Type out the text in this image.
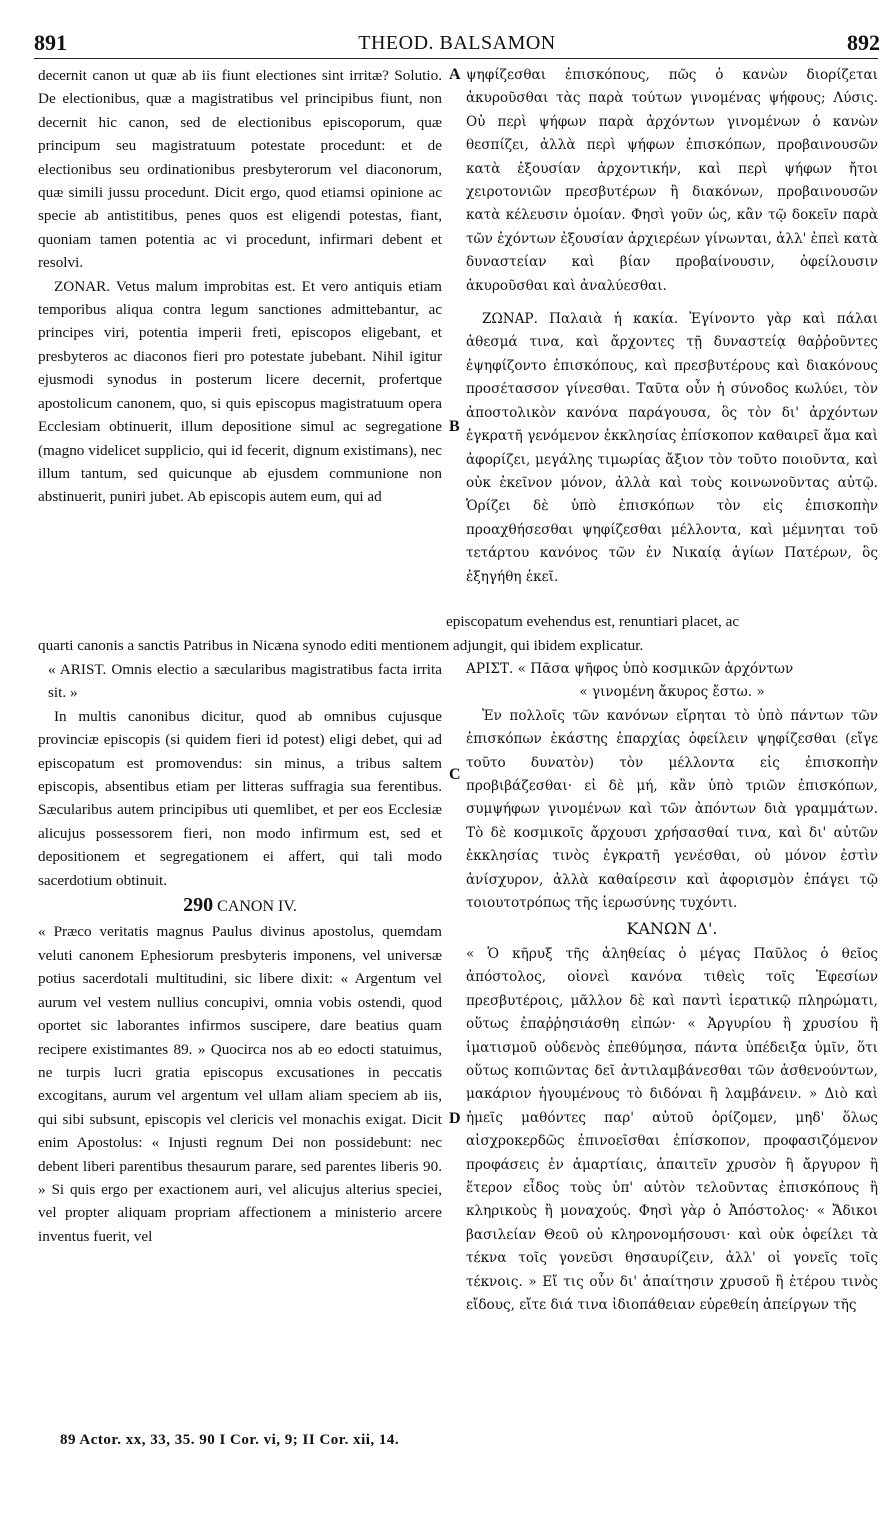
891	THEOD. BALSAMON	892

decernit canon ut quæ ab iis fiunt electiones sint irritæ? Solutio. De electionibus, quæ a magistratibus vel principibus fiunt, non decernit hic canon, sed de electionibus episcoporum, quæ principum seu magistratuum potestate procedunt: et de electionibus seu ordinationibus presbyterorum vel diaconorum, quæ simili jussu procedunt. Dicit ergo, quod etiamsi opinione ac specie ab antistitibus, penes quos est eligendi potestas, fiant, quoniam tamen potentia ac vi procedunt, infirmari debent et resolvi.

ZONAR. Vetus malum improbitas est. Et vero antiquis etiam temporibus aliqua contra legum sanctiones admittebantur, ac principes viri, potentia imperii freti, episcopos eligebant, et presbyteros ac diaconos fieri pro potestate jubebant. Nihil igitur ejusmodi synodus in posterum licere decernit, profertque apostolicum canonem, quo, si quis episcopus magistratuum opera Ecclesiam obtinuerit, illum depositione simul ac segregatione (magno videlicet supplicio, qui id fecerit, dignum existimans), nec illum tantum, sed quicunque ab ejusdem communione non abstinuerit, puniri jubet. Ab episcopis autem eum, qui ad

ψηφίζεσθαι ἐπισκόπους, πῶς ὁ κανὼν διορίζεται ἀκυροῦσθαι τὰς παρὰ τούτων γινομένας ψήφους; Λύσις. Οὐ περὶ ψήφων παρὰ ἀρχόντων γινομένων ὁ κανὼν θεσπίζει, ἀλλὰ περὶ ψήφων ἐπισκόπων, προβαινουσῶν κατὰ ἐξουσίαν ἀρχοντικήν, καὶ περὶ ψήφων ἤτοι χειροτονιῶν πρεσβυτέρων ἢ διακόνων, προβαινουσῶν κατὰ κέλευσιν ὁμοίαν. Φησὶ γοῦν ὡς, κἂν τῷ δοκεῖν παρὰ τῶν ἐχόντων ἐξουσίαν ἀρχιερέων γίνωνται, ἀλλ' ἐπεὶ κατὰ δυναστείαν καὶ βίαν προβαίνουσιν, ὀφείλουσιν ἀκυροῦσθαι καὶ ἀναλύεσθαι.

ΖΩΝΑΡ. Παλαιὰ ἡ κακία. Ἐγίνοντο γὰρ καὶ πάλαι ἀθεσμά τινα, καὶ ἄρχοντες τῇ δυναστείᾳ θαῤῥοῦντες ἐψηφίζοντο ἐπισκόπους, καὶ πρεσβυτέρους καὶ διακόνους προσέτασσον γίνεσθαι. Ταῦτα οὖν ἡ σύνοδος κωλύει, τὸν ἀποστολικὸν κανόνα παράγουσα, ὃς τὸν δι' ἀρχόντων ἐγκρατῆ γενόμενον ἐκκλησίας ἐπίσκοπον καθαιρεῖ ἅμα καὶ ἀφορίζει, μεγάλης τιμωρίας ἄξιον τὸν τοῦτο ποιοῦντα, καὶ οὐκ ἐκεῖνον μόνον, ἀλλὰ καὶ τοὺς κοινωνοῦντας αὐτῷ. Ὁρίζει δὲ ὑπὸ ἐπισκόπων τὸν εἰς ἐπισκοπὴν προαχθήσεσθαι ψηφίζεσθαι μέλλοντα, καὶ μέμνηται τοῦ τετάρτου κανόνος τῶν ἐν Νικαίᾳ ἁγίων Πατέρων, ὃς ἐξηγήθη ἐκεῖ.

episcopatum evehendus est, renuntiari placet, ac
quarti canonis a sanctis Patribus in Nicæna synodo editi mentionem adjungit, qui ibidem explicatur.

« ARIST. Omnis electio a sæcularibus magistratibus facta irrita sit. »

In multis canonibus dicitur, quod ab omnibus cujusque provinciæ episcopis (si quidem fieri id potest) eligi debet, qui ad episcopatum est promovendus: sin minus, a tribus saltem episcopis, absentibus etiam per litteras suffragia sua ferentibus. Sæcularibus autem principibus uti quemlibet, et per eos Ecclesiæ alicujus possessorem fieri, non modo infirmum est, sed et depositionem et segregationem ei affert, qui tali modo sacerdotium obtinuit.

290 CANON IV.

« Præco veritatis magnus Paulus divinus apostolus, quemdam veluti canonem Ephesiorum presbyteris imponens, vel universæ potius sacerdotali multitudini, sic libere dixit: « Argentum vel aurum vel vestem nullius concupivi, omnia vobis ostendi, quod oportet sic laborantes infirmos suscipere, dare beatius quam recipere existimantes 89. » Quocirca nos ab eo edocti statuimus, ne turpis lucri gratia episcopus excusationes in peccatis excogitans, aurum vel argentum vel ullam aliam speciem ab iis, qui sibi subsunt, episcopis vel clericis vel monachis exigat. Dicit enim Apostolus: « Injusti regnum Dei non possidebunt: nec debent liberi parentibus thesaurum parare, sed parentes liberis 90. » Si quis ergo per exactionem auri, vel alicujus alterius speciei, vel propter aliquam propriam affectionem a ministerio arcere inventus fuerit, vel

ΑΡΙΣΤ. « Πᾶσα ψῆφος ὑπὸ κοσμικῶν ἀρχόντων

« γινομένη ἄκυρος ἔστω. »

Ἐν πολλοῖς τῶν κανόνων εἴρηται τὸ ὑπὸ πάντων τῶν ἐπισκόπων ἑκάστης ἐπαρχίας ὀφείλειν ψηφίζεσθαι (εἴγε τοῦτο δυνατὸν) τὸν μέλλοντα εἰς ἐπισκοπὴν προβιβάζεσθαι· εἰ δὲ μή, κἂν ὑπὸ τριῶν ἐπισκόπων, συμψήφων γινομένων καὶ τῶν ἀπόντων διὰ γραμμάτων. Τὸ δὲ κοσμικοῖς ἄρχουσι χρήσασθαί τινα, καὶ δι' αὐτῶν ἐκκλησίας τινὸς ἐγκρατῆ γενέσθαι, οὐ μόνον ἐστὶν ἀνίσχυρον, ἀλλὰ καθαίρεσιν καὶ ἀφορισμὸν ἐπάγει τῷ τοιουτοτρόπως τῆς ἱερωσύνης τυχόντι.

ΚΑΝΩΝ Δ'.

« Ὁ κῆρυξ τῆς ἀληθείας ὁ μέγας Παῦλος ὁ θεῖος ἀπόστολος, οἱονεὶ κανόνα τιθεὶς τοῖς Ἐφεσίων πρεσβυτέροις, μᾶλλον δὲ καὶ παντὶ ἱερατικῷ πληρώματι, οὕτως ἐπαῤῥησιάσθη εἰπών· « Ἀργυρίου ἢ χρυσίου ἢ ἱματισμοῦ οὐδενὸς ἐπεθύμησα, πάντα ὑπέδειξα ὑμῖν, ὅτι οὕτως κοπιῶντας δεῖ ἀντιλαμβάνεσθαι τῶν ἀσθενούντων, μακάριον ἡγουμένους τὸ διδόναι ἢ λαμβάνειν. » Διὸ καὶ ἡμεῖς μαθόντες παρ' αὐτοῦ ὁρίζομεν, μηδ' ὅλως αἰσχροκερδῶς ἐπινοεῖσθαι ἐπίσκοπον, προφασιζόμενον προφάσεις ἐν ἁμαρτίαις, ἀπαιτεῖν χρυσὸν ἢ ἄργυρον ἢ ἕτερον εἶδος τοὺς ὑπ' αὐτὸν τελοῦντας ἐπισκόπους ἢ κληρικοὺς ἢ μοναχούς. Φησὶ γὰρ ὁ Ἀπόστολος· « Ἄδικοι βασιλείαν Θεοῦ οὐ κληρονομήσουσι· καὶ οὐκ ὀφείλει τὰ τέκνα τοῖς γονεῦσι θησαυρίζειν, ἀλλ' οἱ γονεῖς τοῖς τέκνοις. » Εἴ τις οὖν δι' ἀπαίτησιν χρυσοῦ ἢ ἑτέρου τινὸς εἴδους, εἴτε διά τινα ἰδιοπάθειαν εὑρεθείη ἀπείργων τῆς

A
B
C
D
89 Actor. xx, 33, 35. 90 I Cor. vi, 9; II Cor. xii, 14.
